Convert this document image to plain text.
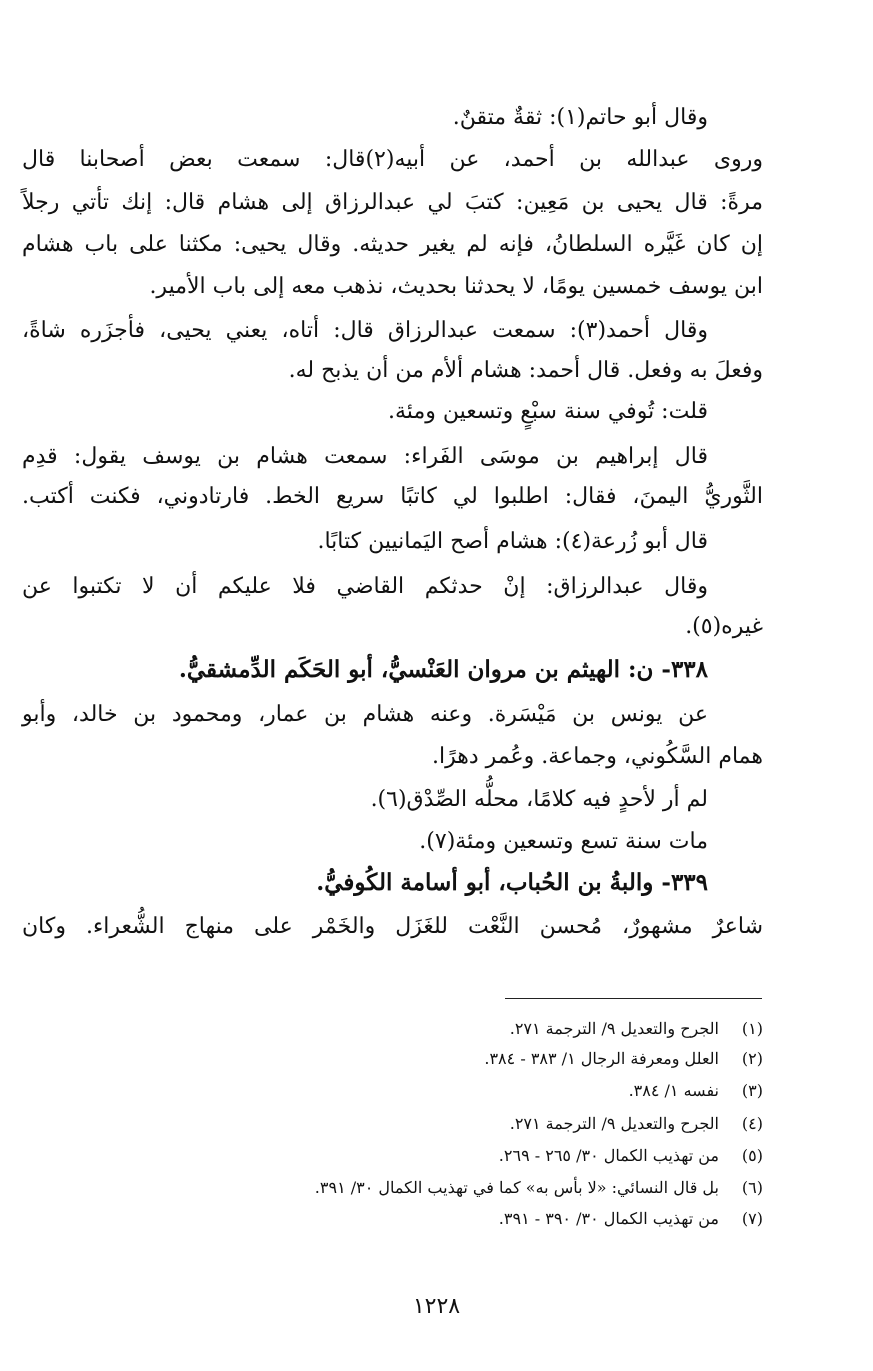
وقال أبو حاتم(١): ثقةٌ متقنٌ.
وروى عبدالله بن أحمد، عن أبيه(٢)قال: سمعت بعض أصحابنا قال
مرةً: قال يحيى بن مَعِين: كتبَ لي عبدالرزاق إلى هشام قال: إنك تأتي رجلاً
إن كان غَيَّره السلطانُ، فإنه لم يغير حديثه. وقال يحيى: مكثنا على باب هشام
ابن يوسف خمسين يومًا، لا يحدثنا بحديث، نذهب معه إلى باب الأمير.
وقال أحمد(٣): سمعت عبدالرزاق قال: أتاه، يعني يحيى، فأجزَره شاةً،
وفعلَ به وفعل. قال أحمد: هشام ألأم من أن يذبح له.
قلت: تُوفي سنة سبْعٍ وتسعين ومئة.
قال إبراهيم بن موسَى الفَراء: سمعت هشام بن يوسف يقول: قدِم
الثَّوريُّ اليمنَ، فقال: اطلبوا لي كاتبًا سريع الخط. فارتادوني، فكنت أكتب.
قال أبو زُرعة(٤): هشام أصح اليَمانيين كتابًا.
وقال عبدالرزاق: إنْ حدثكم القاضي فلا عليكم أن لا تكتبوا عن
غيره(٥).
٣٣٨- ن: الهيثم بن مروان العَنْسيُّ، أبو الحَكَم الدِّمشقيُّ.
عن يونس بن مَيْسَرة. وعنه هشام بن عمار، ومحمود بن خالد، وأبو
همام السَّكُوني، وجماعة. وعُمر دهرًا.
لم أر لأحدٍ فيه كلامًا، محلُّه الصِّدْق(٦).
مات سنة تسع وتسعين ومئة(٧).
٣٣٩- والبةُ بن الحُباب، أبو أسامة الكُوفيُّ.
شاعرٌ مشهورٌ، مُحسن النَّعْت للغَزَل والخَمْر على منهاج الشُّعراء. وكان
(١)الجرح والتعديل ٩/ الترجمة ٢٧١.
(٢)العلل ومعرفة الرجال ١/ ٣٨٣ - ٣٨٤.
(٣)نفسه ١/ ٣٨٤.
(٤)الجرح والتعديل ٩/ الترجمة ٢٧١.
(٥)من تهذيب الكمال ٣٠/ ٢٦٥ - ٢٦٩.
(٦)بل قال النسائي: «لا بأس به» كما في تهذيب الكمال ٣٠/ ٣٩١.
(٧)من تهذيب الكمال ٣٠/ ٣٩٠ - ٣٩١.
١٢٢٨
